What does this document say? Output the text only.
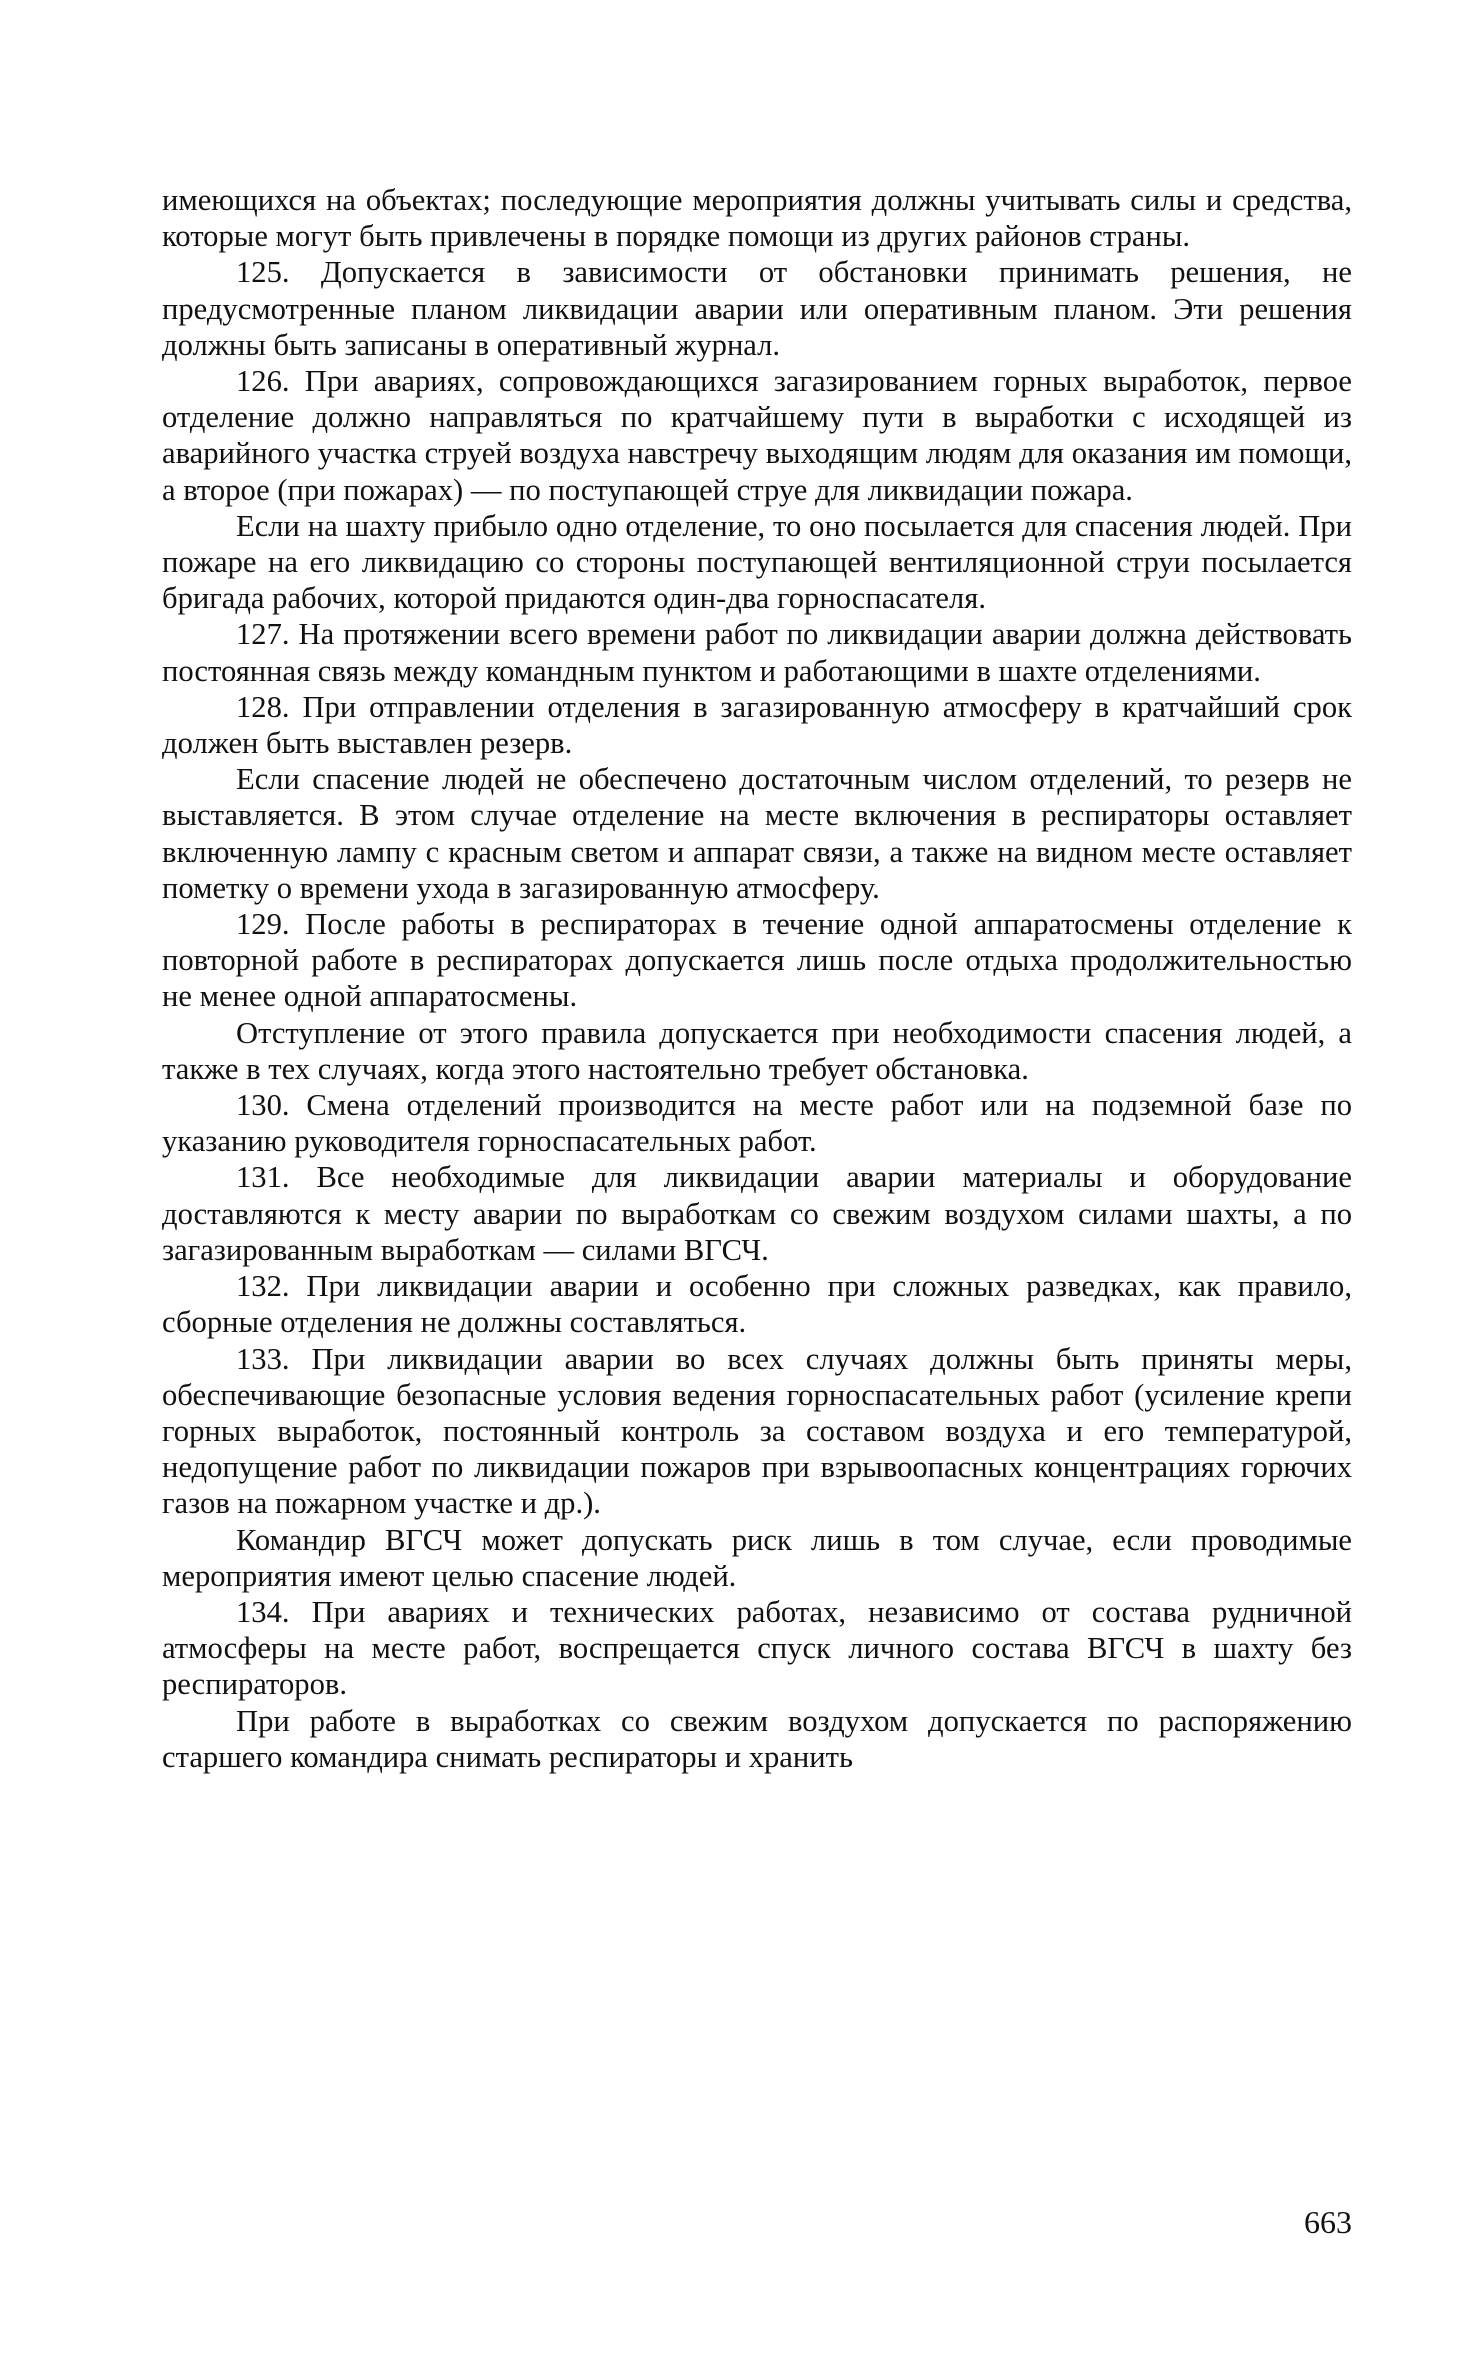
имеющихся на объектах; последующие мероприятия должны учитывать силы и средства, которые могут быть привлечены в порядке помощи из других районов страны.

125. Допускается в зависимости от обстановки принимать решения, не предусмотренные планом ликвидации аварии или оперативным планом. Эти решения должны быть записаны в оперативный журнал.

126. При авариях, сопровождающихся загазированием горных выработок, первое отделение должно направляться по кратчайшему пути в выработки с исходящей из аварийного участка струей воздуха навстречу выходящим людям для оказания им помощи, а второе (при пожарах) — по поступающей струе для ликвидации пожара.

Если на шахту прибыло одно отделение, то оно посылается для спасения людей. При пожаре на его ликвидацию со стороны поступающей вентиляционной струи посылается бригада рабочих, которой придаются один-два горноспасателя.

127. На протяжении всего времени работ по ликвидации аварии должна действовать постоянная связь между командным пунктом и работающими в шахте отделениями.

128. При отправлении отделения в загазированную атмосферу в кратчайший срок должен быть выставлен резерв.

Если спасение людей не обеспечено достаточным числом отделений, то резерв не выставляется. В этом случае отделение на месте включения в респираторы оставляет включенную лампу с красным светом и аппарат связи, а также на видном месте оставляет пометку о времени ухода в загазированную атмосферу.

129. После работы в респираторах в течение одной аппаратосмены отделение к повторной работе в респираторах допускается лишь после отдыха продолжительностью не менее одной аппаратосмены.

Отступление от этого правила допускается при необходимости спасения людей, а также в тех случаях, когда этого настоятельно требует обстановка.

130. Смена отделений производится на месте работ или на подземной базе по указанию руководителя горноспасательных работ.

131. Все необходимые для ликвидации аварии материалы и оборудование доставляются к месту аварии по выработкам со свежим воздухом силами шахты, а по загазированным выработкам — силами ВГСЧ.

132. При ликвидации аварии и особенно при сложных разведках, как правило, сборные отделения не должны составляться.

133. При ликвидации аварии во всех случаях должны быть приняты меры, обеспечивающие безопасные условия ведения горноспасательных работ (усиление крепи горных выработок, постоянный контроль за составом воздуха и его температурой, недопущение работ по ликвидации пожаров при взрывоопасных концентрациях горючих газов на пожарном участке и др.).

Командир ВГСЧ может допускать риск лишь в том случае, если проводимые мероприятия имеют целью спасение людей.

134. При авариях и технических работах, независимо от состава рудничной атмосферы на месте работ, воспрещается спуск личного состава ВГСЧ в шахту без респираторов.

При работе в выработках со свежим воздухом допускается по распоряжению старшего командира снимать респираторы и хранить

663
